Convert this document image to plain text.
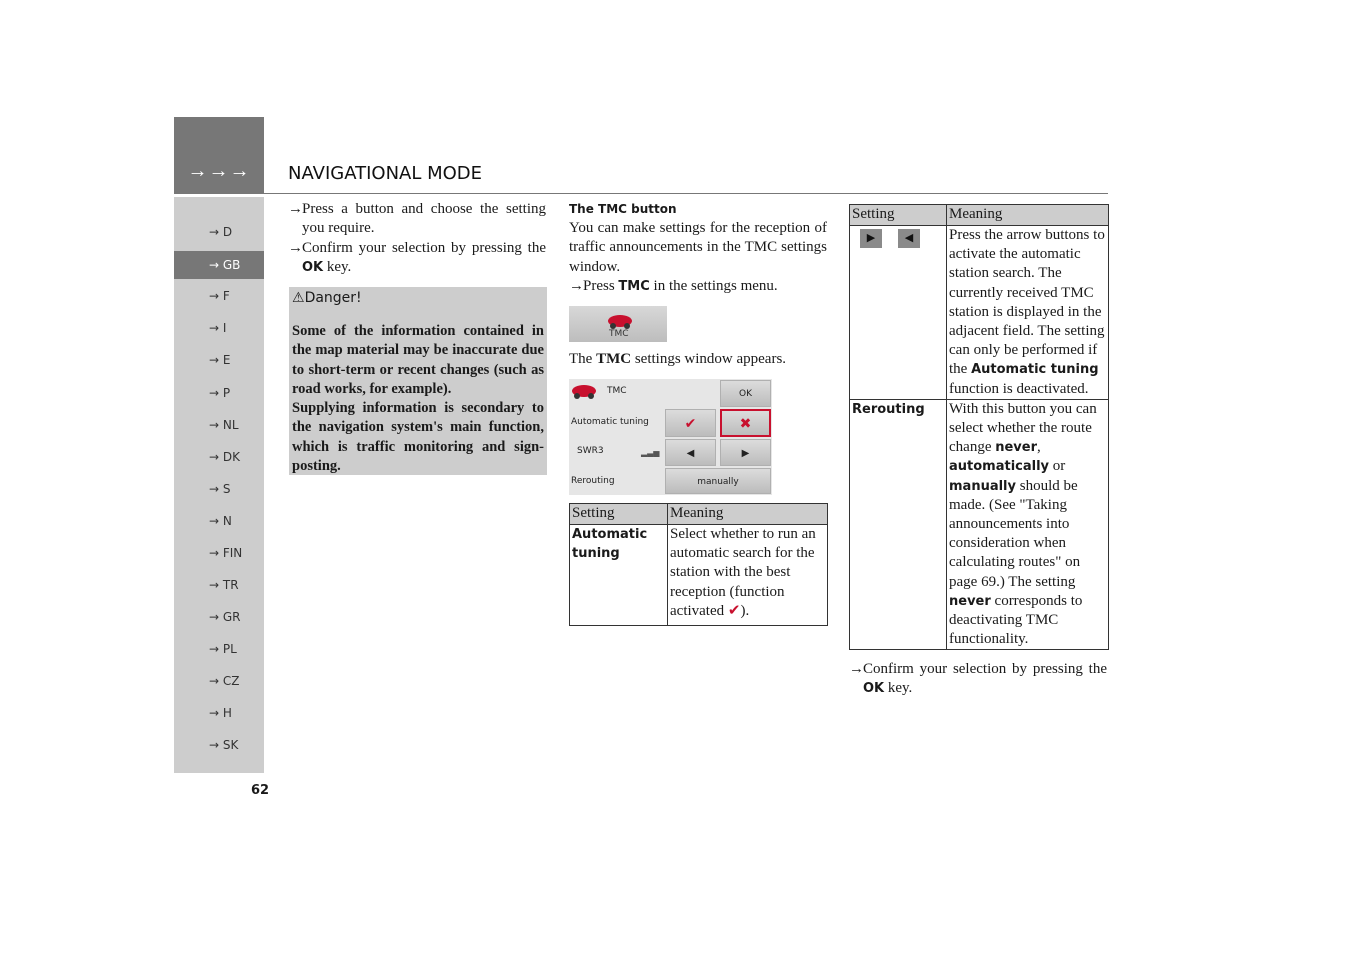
→→→	NAVIGATIONAL MODE
→ D
→ GB
→ F
→ I
→ E
→ P
→ NL
→ DK
→ S
→ N
→ FIN
→ TR
→ GR
→ PL
→ CZ
→ H
→ SK
62
→ Press a button and choose the setting you require.
→ Confirm your selection by pressing the OK key.
⚠Danger!
Some of the information contained in the map material may be inaccurate due to short-term or recent changes (such as road works, for example).
Supplying information is secondary to the navigation system's main function, which is traffic monitoring and sign-posting.
The TMC button
You can make settings for the reception of traffic announcements in the TMC settings window.
→ Press TMC in the settings menu.
TMC
The TMC settings window appears.
TMC	OK
Automatic tuning	✔	✖
SWR3	▂▃▅	◀	▶
Rerouting	manually
Setting	Meaning
Automatic tuning	Select whether to run an automatic search for the station with the best reception (function activated ✔).
Setting	Meaning
▶ ◀	Press the arrow buttons to activate the automatic station search. The currently received TMC station is displayed in the adjacent field. The setting can only be performed if the Automatic tuning function is deactivated.
Rerouting	With this button you can select whether the route change never, automatically or manually should be made. (See "Taking announcements into consideration when calculating routes" on page 69.) The setting never corresponds to deactivating TMC functionality.
→ Confirm your selection by pressing the OK key.
